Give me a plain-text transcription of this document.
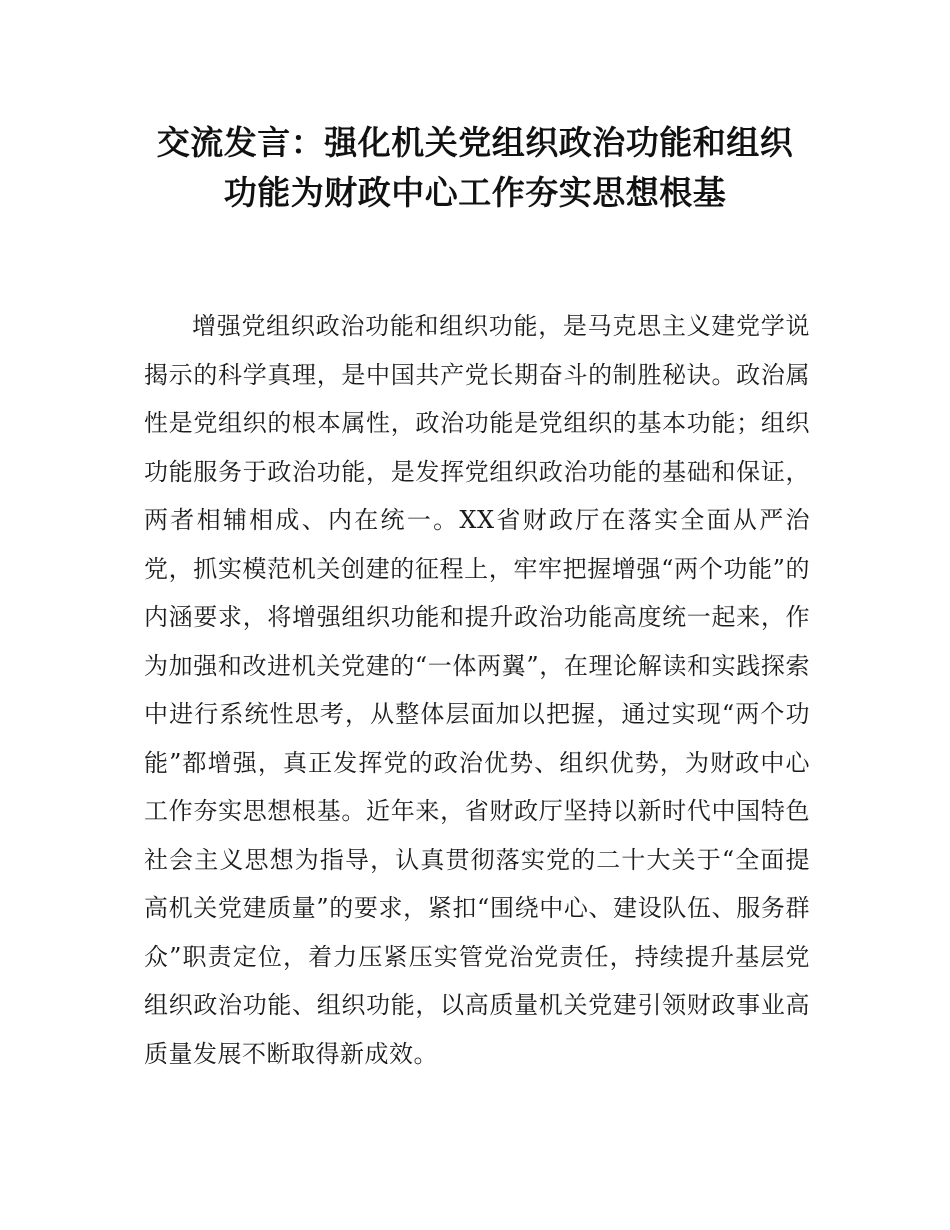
交流发言：强化机关党组织政治功能和组织
功能为财政中心工作夯实思想根基

增强党组织政治功能和组织功能，是马克思主义建党学说揭示的科学真理，是中国共产党长期奋斗的制胜秘诀。政治属性是党组织的根本属性，政治功能是党组织的基本功能；组织功能服务于政治功能，是发挥党组织政治功能的基础和保证，两者相辅相成、内在统一。XX省财政厅在落实全面从严治党，抓实模范机关创建的征程上，牢牢把握增强“两个功能”的内涵要求，将增强组织功能和提升政治功能高度统一起来，作为加强和改进机关党建的“一体两翼”，在理论解读和实践探索中进行系统性思考，从整体层面加以把握，通过实现“两个功能”都增强，真正发挥党的政治优势、组织优势，为财政中心工作夯实思想根基。近年来，省财政厅坚持以新时代中国特色社会主义思想为指导，认真贯彻落实党的二十大关于“全面提高机关党建质量”的要求，紧扣“围绕中心、建设队伍、服务群众”职责定位，着力压紧压实管党治党责任，持续提升基层党组织政治功能、组织功能，以高质量机关党建引领财政事业高质量发展不断取得新成效。
